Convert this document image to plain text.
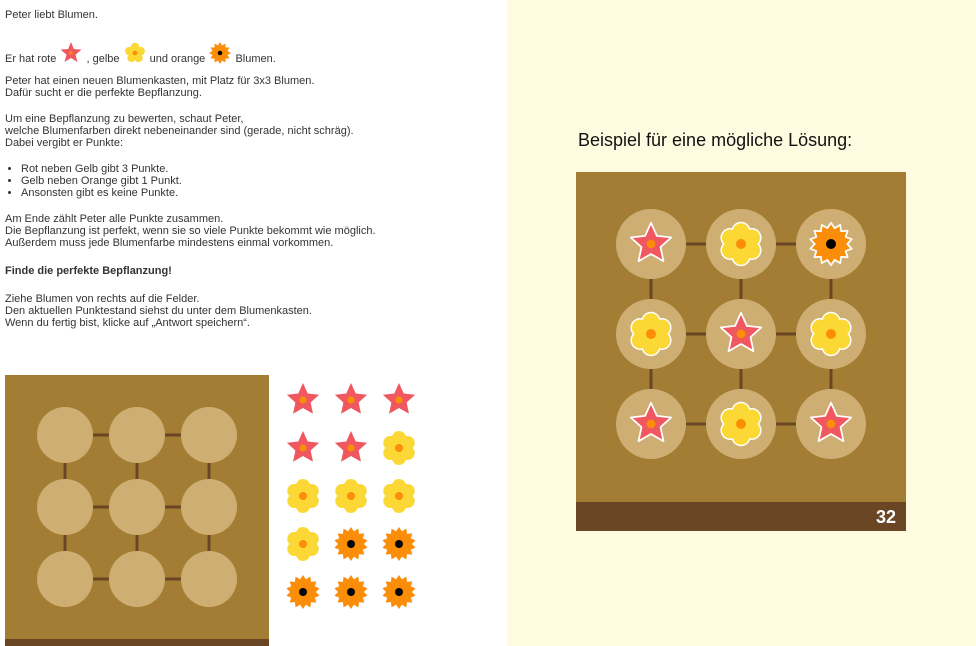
Peter liebt Blumen.

Er hat rote	, gelbe	und orange	Blumen.

Peter hat einen neuen Blumenkasten, mit Platz für 3x3 Blumen.

Dafür sucht er die perfekte Bepflanzung.

Um eine Bepflanzung zu bewerten, schaut Peter,

welche Blumenfarben direkt nebeneinander sind (gerade, nicht schräg).

Dabei vergibt er Punkte:

• Rot neben Gelb gibt 3 Punkte.
• Gelb neben Orange gibt 1 Punkt.
• Ansonsten gibt es keine Punkte.

Am Ende zählt Peter alle Punkte zusammen.

Die Bepflanzung ist perfekt, wenn sie so viele Punkte bekommt wie möglich.

Außerdem muss jede Blumenfarbe mindestens einmal vorkommen.

Finde die perfekte Bepflanzung!

Ziehe Blumen von rechts auf die Felder.

Den aktuellen Punktestand siehst du unter dem Blumenkasten.

Wenn du fertig bist, klicke auf „Antwort speichern“.

Beispiel für eine mögliche Lösung:
32
